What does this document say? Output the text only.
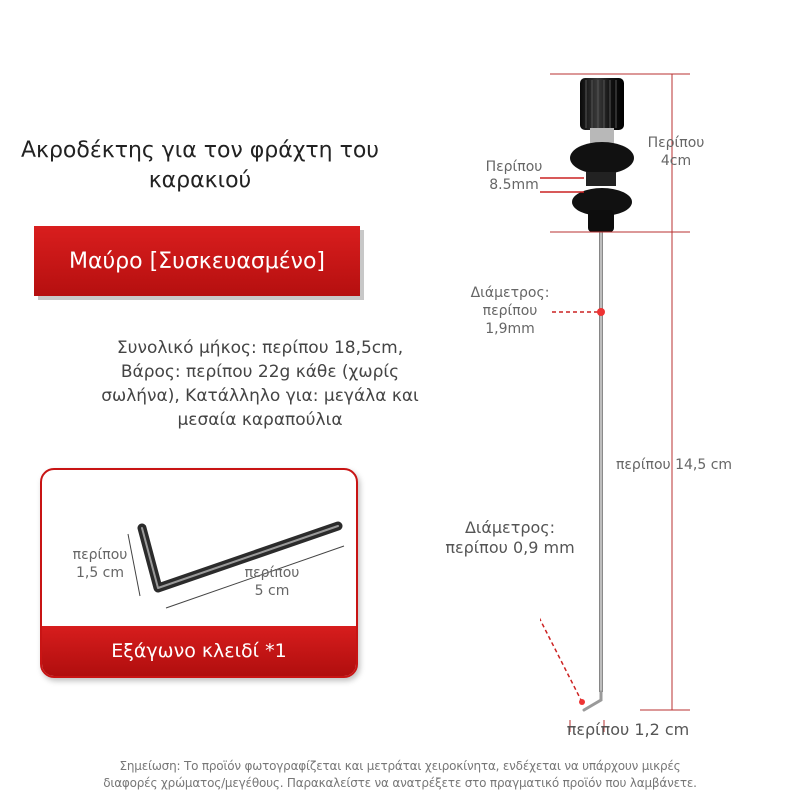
Ακροδέκτης για τον φράχτη του καρακιού
Μαύρο [Συσκευασμένο]
Συνολικό μήκος: περίπου 18,5cm,
Βάρος: περίπου 22g κάθε (χωρίς
σωλήνα), Κατάλληλο για: μεγάλα και
μεσαία καραπούλια
περίπου
1,5 cm	περίπου
5 cm
Εξάγωνο κλειδί *1
Περίπου
8.5mm
Περίπου
4cm
Διάμετρος:
περίπου
1,9mm
περίπου 14,5 cm
Διάμετρος:
περίπου 0,9 mm
περίπου 1,2 cm
Σημείωση: Το προϊόν φωτογραφίζεται και μετράται χειροκίνητα, ενδέχεται να υπάρχουν μικρές
διαφορές χρώματος/μεγέθους. Παρακαλείστε να ανατρέξετε στο πραγματικό προϊόν που λαμβάνετε.
